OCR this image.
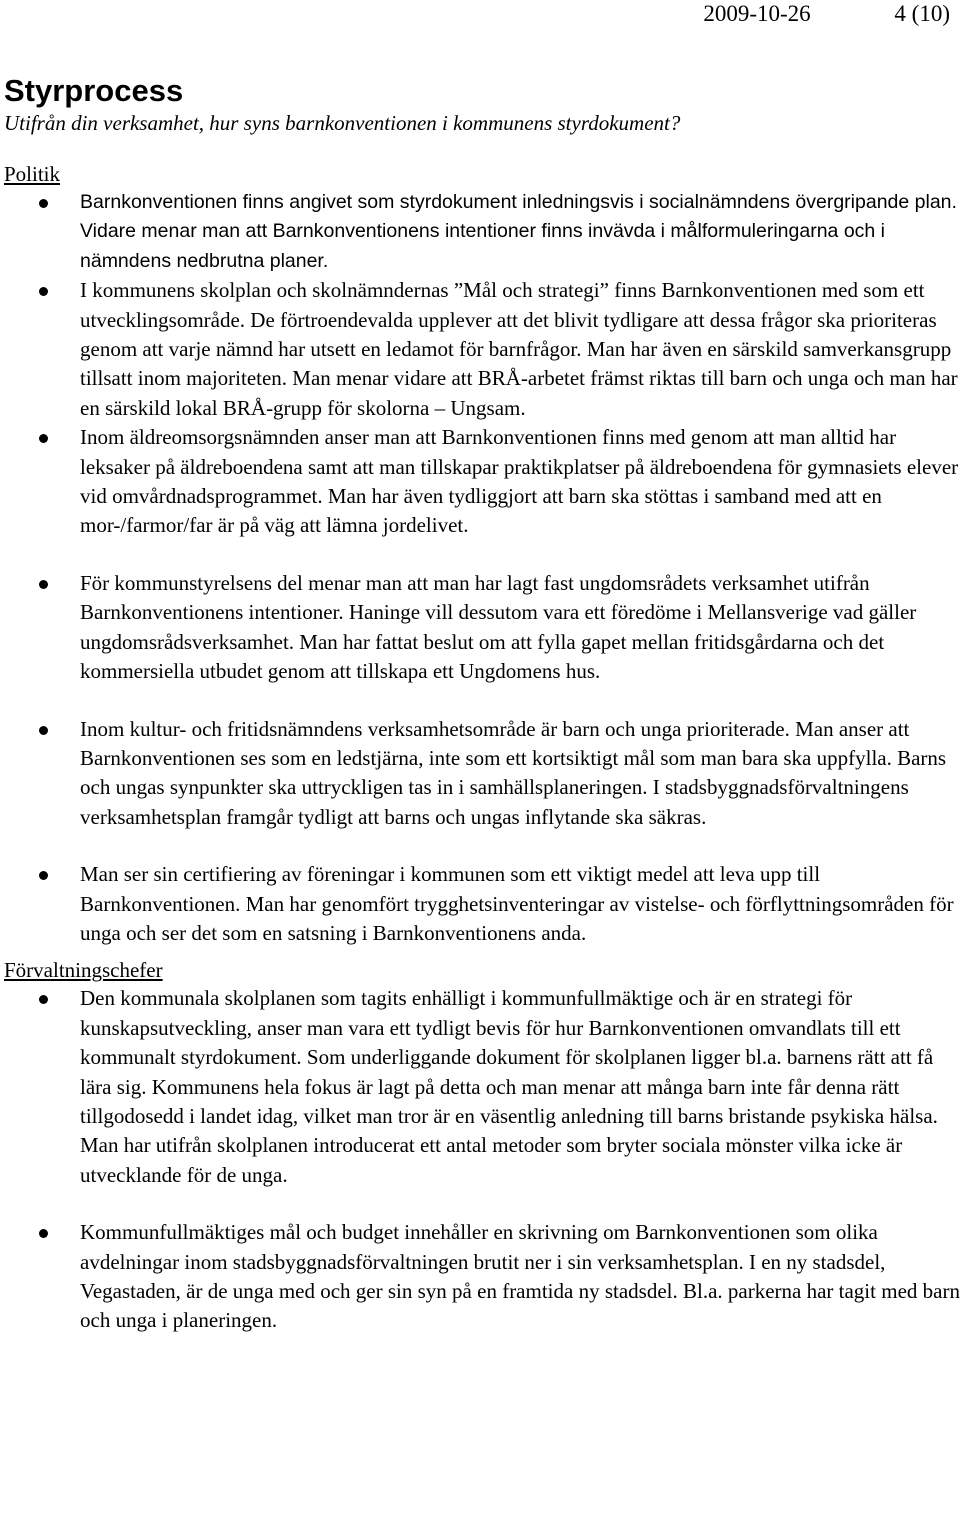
2009-10-26	4 (10)
Styrprocess

Utifrån din verksamhet, hur syns barnkonventionen i kommunens styrdokument?

Politik

Barnkonventionen finns angivet som styrdokument inledningsvis i socialnämndens övergripande plan. Vidare menar man att Barnkonventionens intentioner finns invävda i målformuleringarna och i nämndens nedbrutna planer.
I kommunens skolplan och skolnämndernas ”Mål och strategi” finns Barnkonventionen med som ett utvecklingsområde. De förtroendevalda upplever att det blivit tydligare att dessa frågor ska prioriteras genom att varje nämnd har utsett en ledamot för barnfrågor. Man har även en särskild samverkansgrupp tillsatt inom majoriteten. Man menar vidare att BRÅ-arbetet främst riktas till barn och unga och man har en särskild lokal BRÅ-grupp för skolorna – Ungsam.
Inom äldreomsorgsnämnden anser man att Barnkonventionen finns med genom att man alltid har leksaker på äldreboendena samt att man tillskapar praktikplatser på äldreboendena för gymnasiets elever vid omvårdnadsprogrammet. Man har även tydliggjort att barn ska stöttas i samband med att en mor-/farmor/far är på väg att lämna jordelivet.
För kommunstyrelsens del menar man att man har lagt fast ungdomsrådets verksamhet utifrån Barnkonventionens intentioner. Haninge vill dessutom vara ett föredöme i Mellansverige vad gäller ungdomsrådsverksamhet. Man har fattat beslut om att fylla gapet mellan fritidsgårdarna och det kommersiella utbudet genom att tillskapa ett Ungdomens hus.
Inom kultur- och fritidsnämndens verksamhetsområde är barn och unga prioriterade. Man anser att Barnkonventionen ses som en ledstjärna, inte som ett kortsiktigt mål som man bara ska uppfylla. Barns och ungas synpunkter ska uttryckligen tas in i samhällsplaneringen. I stadsbyggnadsförvaltningens verksamhetsplan framgår tydligt att barns och ungas inflytande ska säkras.
Man ser sin certifiering av föreningar i kommunen som ett viktigt medel att leva upp till Barnkonventionen. Man har genomfört trygghetsinventeringar av vistelse- och förflyttningsområden för unga och ser det som en satsning i Barnkonventionens anda.

Förvaltningschefer

Den kommunala skolplanen som tagits enhälligt i kommunfullmäktige och är en strategi för kunskapsutveckling, anser man vara ett tydligt bevis för hur Barnkonventionen omvandlats till ett kommunalt styrdokument. Som underliggande dokument för skolplanen ligger bl.a. barnens rätt att få lära sig. Kommunens hela fokus är lagt på detta och man menar att många barn inte får denna rätt tillgodosedd i landet idag, vilket man tror är en väsentlig anledning till barns bristande psykiska hälsa. Man har utifrån skolplanen introducerat ett antal metoder som bryter sociala mönster vilka icke är utvecklande för de unga.
Kommunfullmäktiges mål och budget innehåller en skrivning om Barnkonventionen som olika avdelningar inom stadsbyggnadsförvaltningen brutit ner i sin verksamhetsplan. I en ny stadsdel, Vegastaden, är de unga med och ger sin syn på en framtida ny stadsdel. Bl.a. parkerna har tagit med barn och unga i planeringen.
